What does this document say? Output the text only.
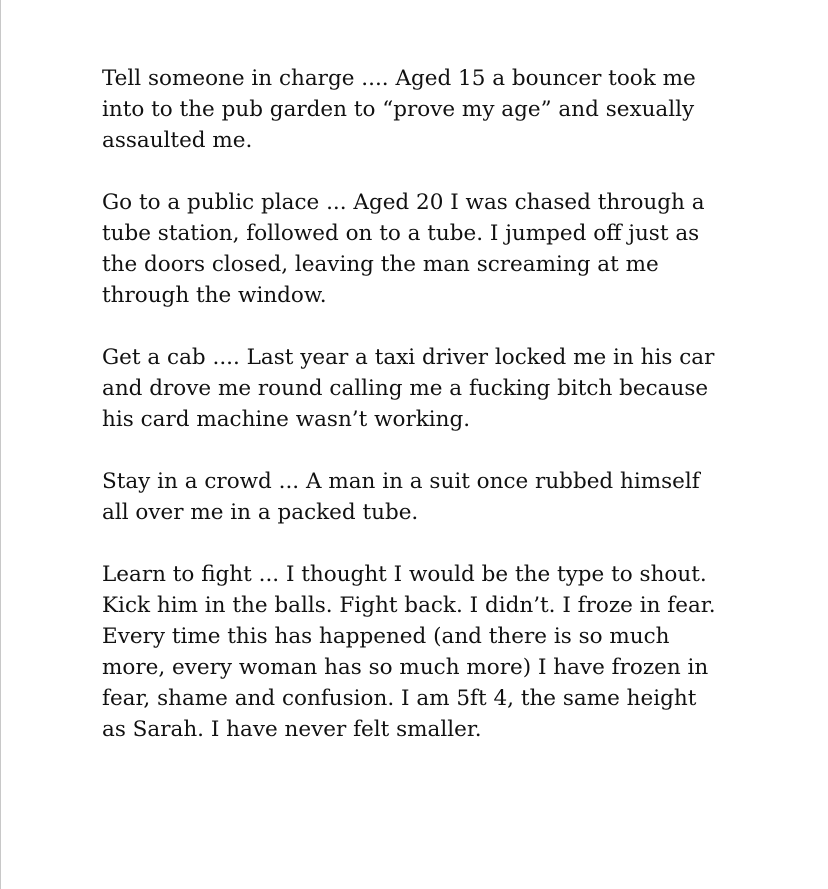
Tell someone in charge .... Aged 15 a bouncer took me
into to the pub garden to “prove my age” and sexually
assaulted me.

Go to a public place ... Aged 20 I was chased through a
tube station, followed on to a tube. I jumped off just as
the doors closed, leaving the man screaming at me
through the window.

Get a cab .... Last year a taxi driver locked me in his car
and drove me round calling me a fucking bitch because
his card machine wasn’t working.

Stay in a crowd ... A man in a suit once rubbed himself
all over me in a packed tube.

Learn to fight ... I thought I would be the type to shout.
Kick him in the balls. Fight back. I didn’t. I froze in fear.
Every time this has happened (and there is so much
more, every woman has so much more) I have frozen in
fear, shame and confusion. I am 5ft 4, the same height
as Sarah. I have never felt smaller.
